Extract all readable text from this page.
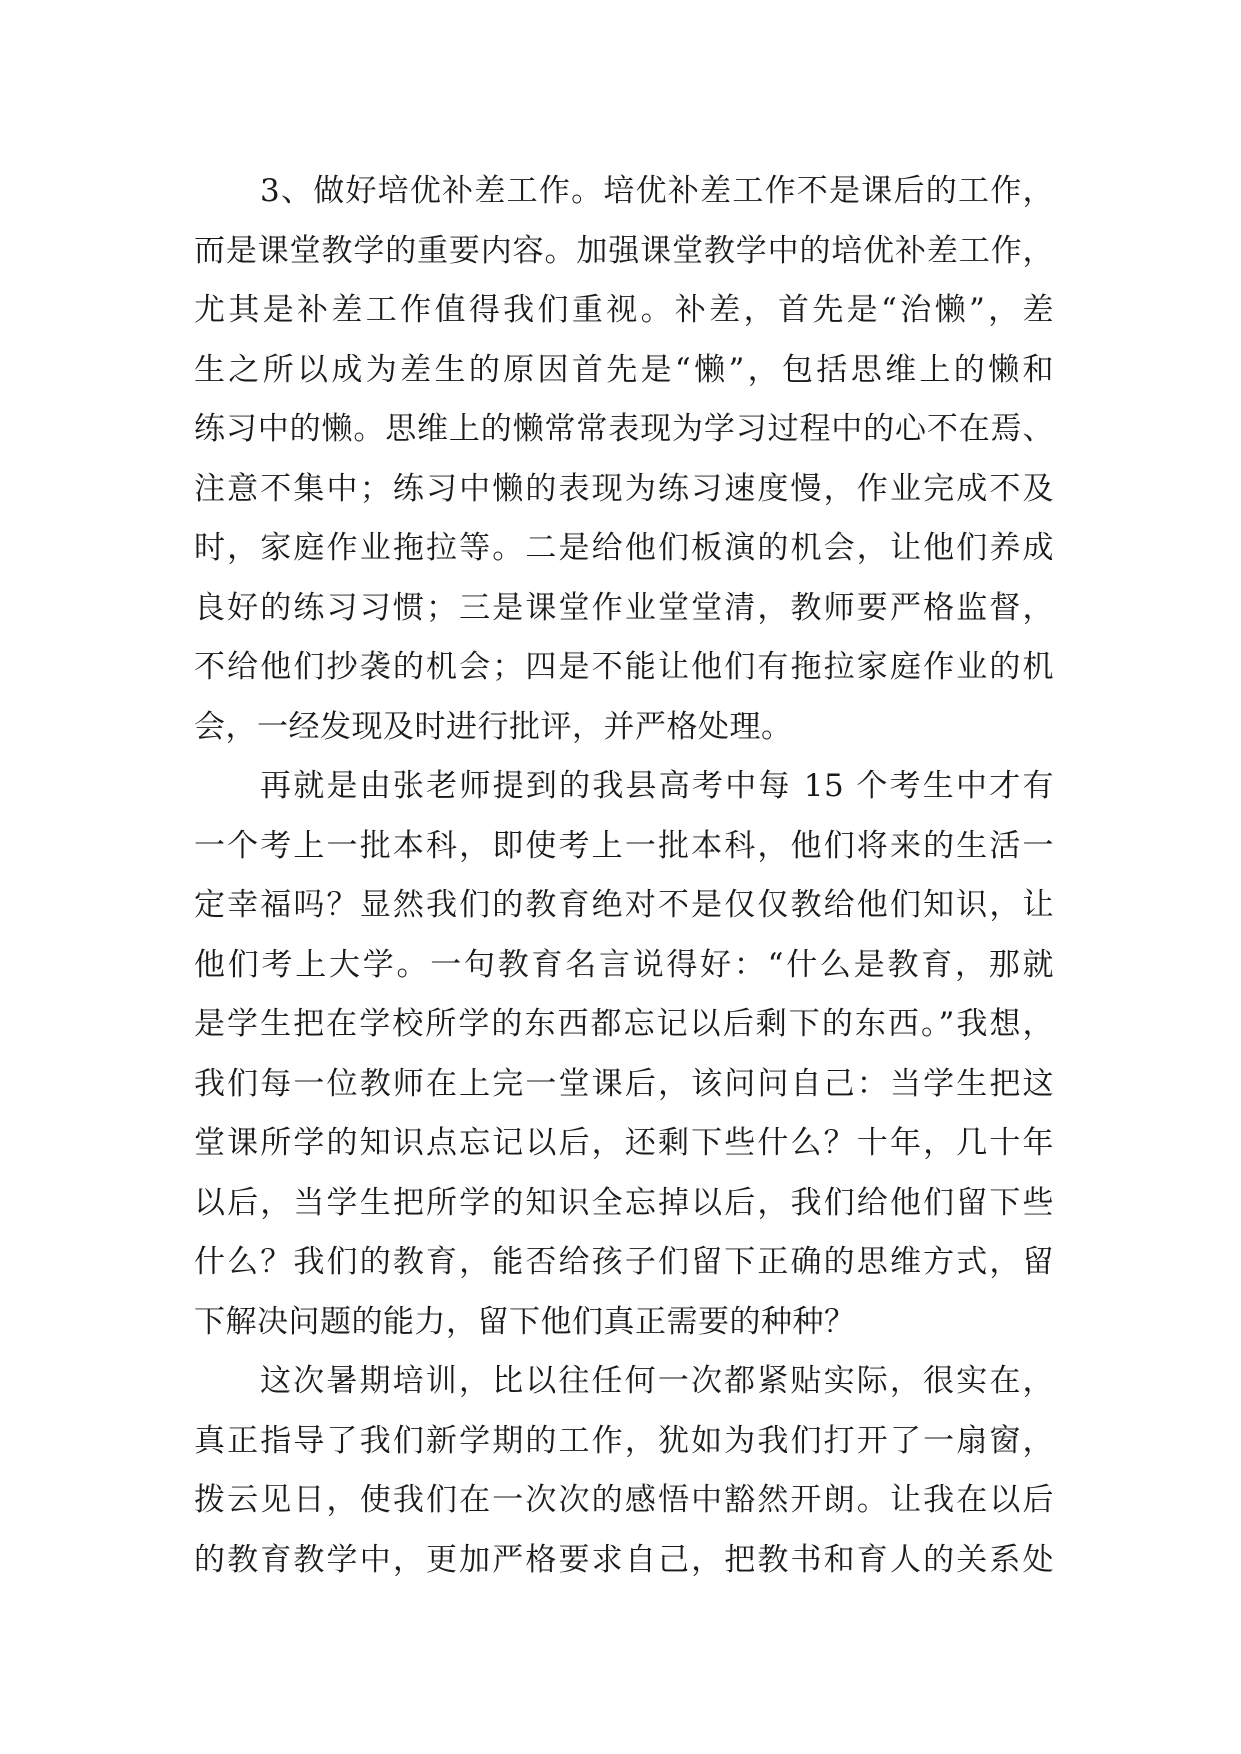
3、做好培优补差工作。培优补差工作不是课后的工作，
而是课堂教学的重要内容。加强课堂教学中的培优补差工作，
尤其是补差工作值得我们重视。补差，首先是“治懒”，差
生之所以成为差生的原因首先是“懒”，包括思维上的懒和
练习中的懒。思维上的懒常常表现为学习过程中的心不在焉、
注意不集中；练习中懒的表现为练习速度慢，作业完成不及
时，家庭作业拖拉等。二是给他们板演的机会，让他们养成
良好的练习习惯；三是课堂作业堂堂清，教师要严格监督，
不给他们抄袭的机会；四是不能让他们有拖拉家庭作业的机
会，一经发现及时进行批评，并严格处理。
再就是由张老师提到的我县高考中每 15 个考生中才有
一个考上一批本科，即使考上一批本科，他们将来的生活一
定幸福吗？显然我们的教育绝对不是仅仅教给他们知识，让
他们考上大学。一句教育名言说得好：“什么是教育，那就
是学生把在学校所学的东西都忘记以后剩下的东西。”我想，
我们每一位教师在上完一堂课后，该问问自己：当学生把这
堂课所学的知识点忘记以后，还剩下些什么？十年，几十年
以后，当学生把所学的知识全忘掉以后，我们给他们留下些
什么？我们的教育，能否给孩子们留下正确的思维方式，留
下解决问题的能力，留下他们真正需要的种种？
这次暑期培训，比以往任何一次都紧贴实际，很实在，
真正指导了我们新学期的工作，犹如为我们打开了一扇窗，
拨云见日，使我们在一次次的感悟中豁然开朗。让我在以后
的教育教学中，更加严格要求自己，把教书和育人的关系处
